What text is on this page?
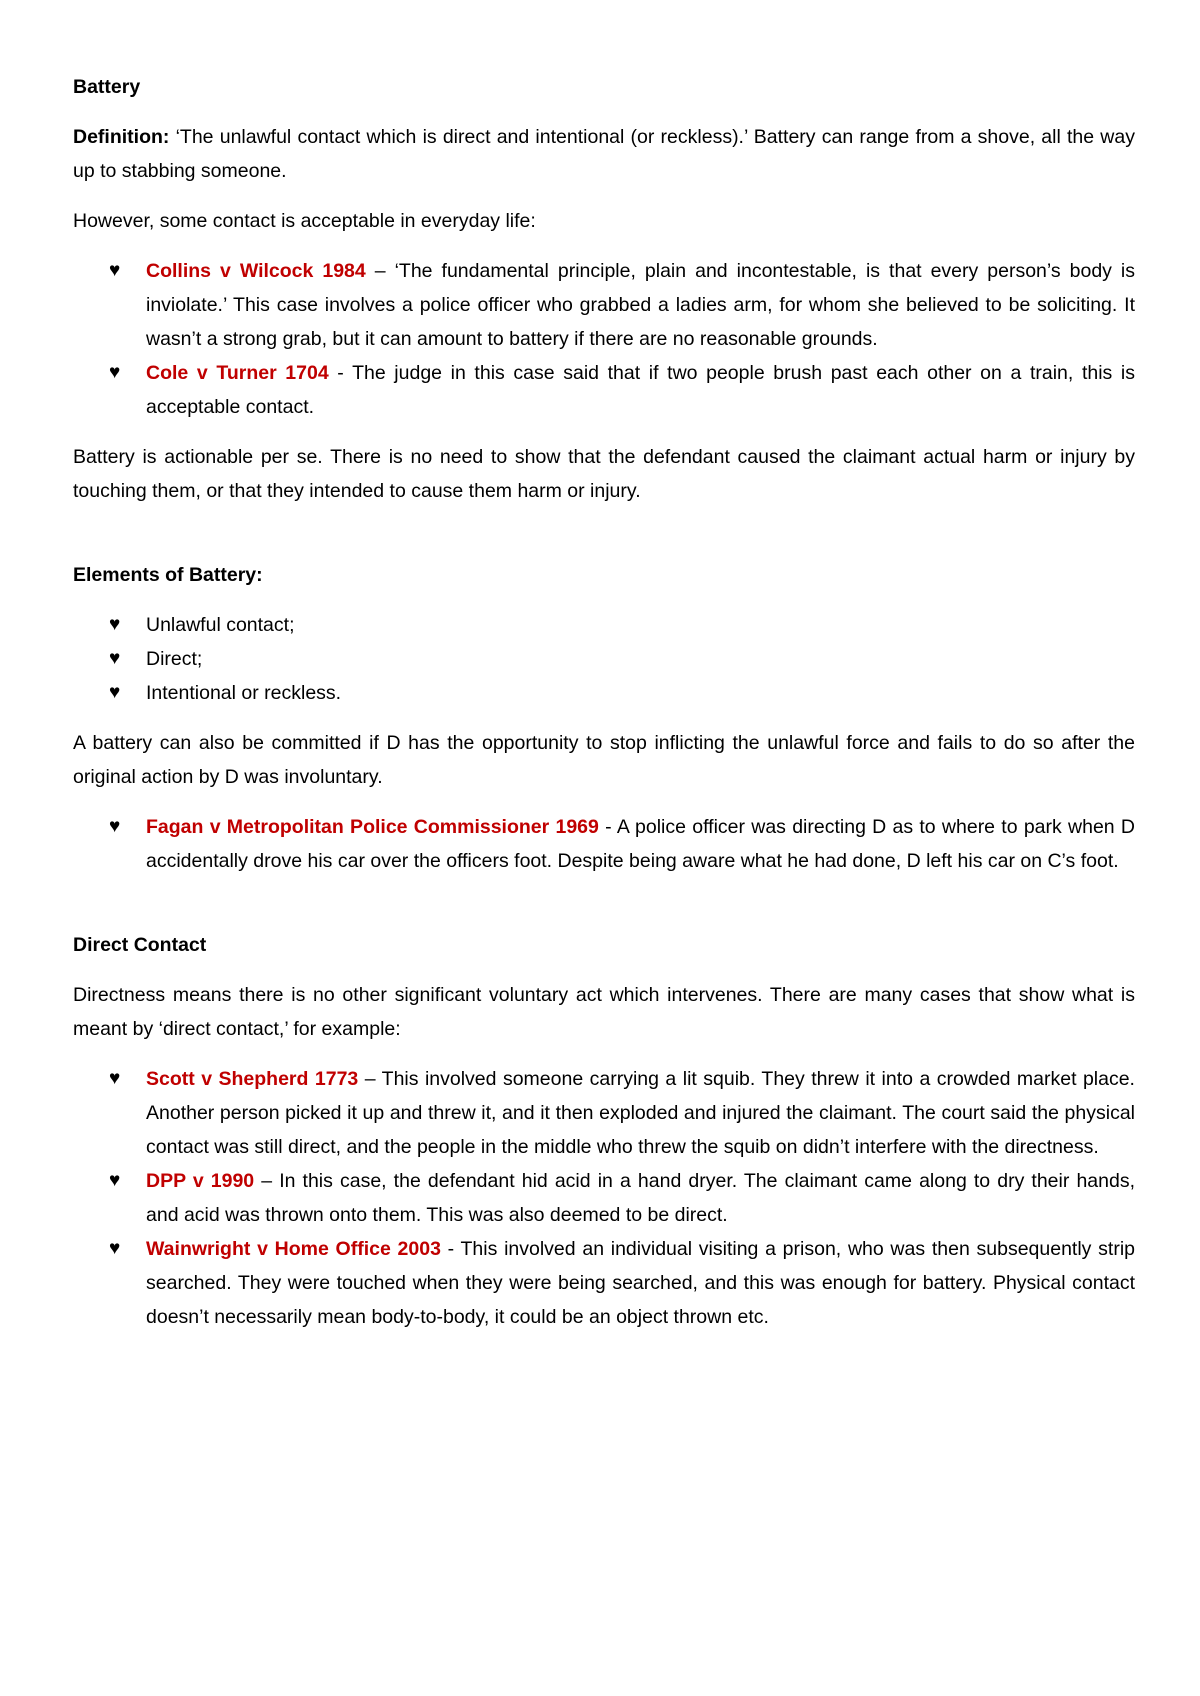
Battery

Definition: ‘The unlawful contact which is direct and intentional (or reckless).’ Battery can range from a shove, all the way up to stabbing someone.

However, some contact is acceptable in everyday life:

♥	Collins v Wilcock 1984 – ‘The fundamental principle, plain and incontestable, is that every person’s body is inviolate.’ This case involves a police officer who grabbed a ladies arm, for whom she believed to be soliciting. It wasn’t a strong grab, but it can amount to battery if there are no reasonable grounds.
♥	Cole v Turner 1704 - The judge in this case said that if two people brush past each other on a train, this is acceptable contact.

Battery is actionable per se. There is no need to show that the defendant caused the claimant actual harm or injury by touching them, or that they intended to cause them harm or injury.

Elements of Battery:
♥	Unlawful contact;
♥	Direct;
♥	Intentional or reckless.

A battery can also be committed if D has the opportunity to stop inflicting the unlawful force and fails to do so after the original action by D was involuntary.

♥	Fagan v Metropolitan Police Commissioner 1969 - A police officer was directing D as to where to park when D accidentally drove his car over the officers foot. Despite being aware what he had done, D left his car on C’s foot.
Direct Contact

Directness means there is no other significant voluntary act which intervenes. There are many cases that show what is meant by ‘direct contact,’ for example:

♥	Scott v Shepherd 1773 – This involved someone carrying a lit squib. They threw it into a crowded market place. Another person picked it up and threw it, and it then exploded and injured the claimant. The court said the physical contact was still direct, and the people in the middle who threw the squib on didn’t interfere with the directness.
♥	DPP v 1990 – In this case, the defendant hid acid in a hand dryer. The claimant came along to dry their hands, and acid was thrown onto them. This was also deemed to be direct.
♥	Wainwright v Home Office 2003 - This involved an individual visiting a prison, who was then subsequently strip searched. They were touched when they were being searched, and this was enough for battery. Physical contact doesn’t necessarily mean body-to-body, it could be an object thrown etc.
